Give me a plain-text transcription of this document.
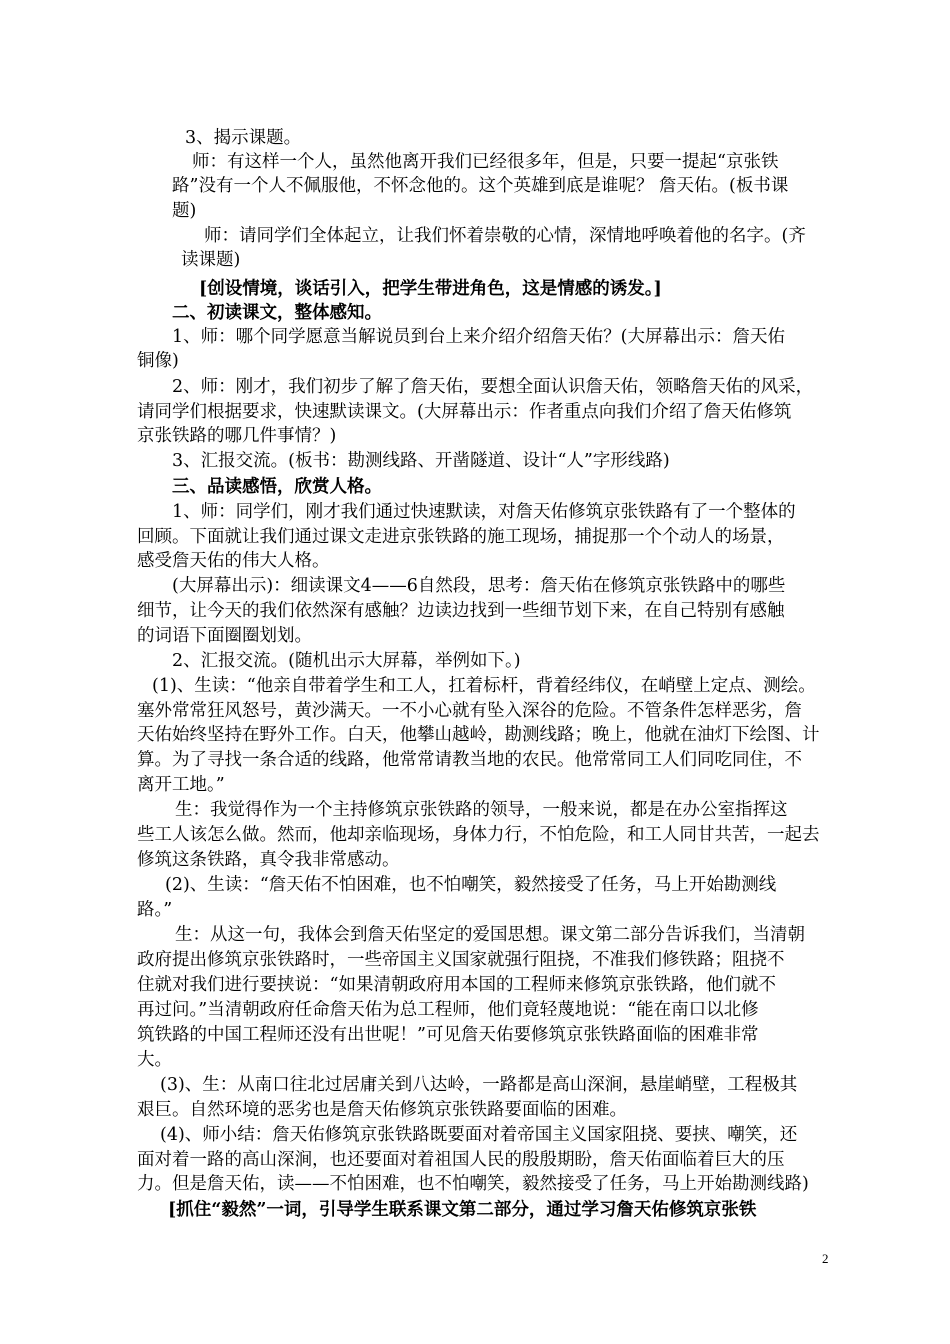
3、揭示课题。
师：有这样一个人，虽然他离开我们已经很多年，但是，只要一提起“京张铁
路”没有一个人不佩服他，不怀念他的。这个英雄到底是谁呢？ 詹天佑。(板书课
题)
师：请同学们全体起立，让我们怀着崇敬的心情，深情地呼唤着他的名字。(齐
读课题)
[创设情境，谈话引入，把学生带进角色，这是情感的诱发。]
二、初读课文，整体感知。
1、师：哪个同学愿意当解说员到台上来介绍介绍詹天佑？(大屏幕出示：詹天佑
铜像)
2、师：刚才，我们初步了解了詹天佑，要想全面认识詹天佑，领略詹天佑的风采，
请同学们根据要求，快速默读课文。(大屏幕出示：作者重点向我们介绍了詹天佑修筑
京张铁路的哪几件事情？)
3、汇报交流。(板书：勘测线路、开凿隧道、设计“人”字形线路)
三、品读感悟，欣赏人格。
1、师：同学们，刚才我们通过快速默读，对詹天佑修筑京张铁路有了一个整体的
回顾。下面就让我们通过课文走进京张铁路的施工现场，捕捉那一个个动人的场景，
感受詹天佑的伟大人格。
(大屏幕出示)：细读课文4——6自然段，思考：詹天佑在修筑京张铁路中的哪些
细节，让今天的我们依然深有感触？边读边找到一些细节划下来，在自己特别有感触
的词语下面圈圈划划。
2、汇报交流。(随机出示大屏幕，举例如下。)
(1)、生读：“他亲自带着学生和工人，扛着标杆，背着经纬仪，在峭壁上定点、测绘。
塞外常常狂风怒号，黄沙满天。一不小心就有坠入深谷的危险。不管条件怎样恶劣，詹
天佑始终坚持在野外工作。白天，他攀山越岭，勘测线路；晚上，他就在油灯下绘图、计
算。为了寻找一条合适的线路，他常常请教当地的农民。他常常同工人们同吃同住，不
离开工地。”
生：我觉得作为一个主持修筑京张铁路的领导，一般来说，都是在办公室指挥这
些工人该怎么做。然而，他却亲临现场，身体力行，不怕危险，和工人同甘共苦，一起去
修筑这条铁路，真令我非常感动。
(2)、生读：“詹天佑不怕困难，也不怕嘲笑，毅然接受了任务，马上开始勘测线
路。”
生：从这一句，我体会到詹天佑坚定的爱国思想。课文第二部分告诉我们，当清朝
政府提出修筑京张铁路时，一些帝国主义国家就强行阻挠，不准我们修铁路；阻挠不
住就对我们进行要挟说：“如果清朝政府用本国的工程师来修筑京张铁路，他们就不
再过问。”当清朝政府任命詹天佑为总工程师，他们竟轻蔑地说：“能在南口以北修
筑铁路的中国工程师还没有出世呢！”可见詹天佑要修筑京张铁路面临的困难非常
大。
(3)、生：从南口往北过居庸关到八达岭，一路都是高山深涧，悬崖峭壁，工程极其
艰巨。自然环境的恶劣也是詹天佑修筑京张铁路要面临的困难。
(4)、师小结：詹天佑修筑京张铁路既要面对着帝国主义国家阻挠、要挟、嘲笑，还
面对着一路的高山深涧，也还要面对着祖国人民的殷殷期盼，詹天佑面临着巨大的压
力。但是詹天佑，读——不怕困难，也不怕嘲笑，毅然接受了任务，马上开始勘测线路)
[抓住“毅然”一词，引导学生联系课文第二部分，通过学习詹天佑修筑京张铁
2
